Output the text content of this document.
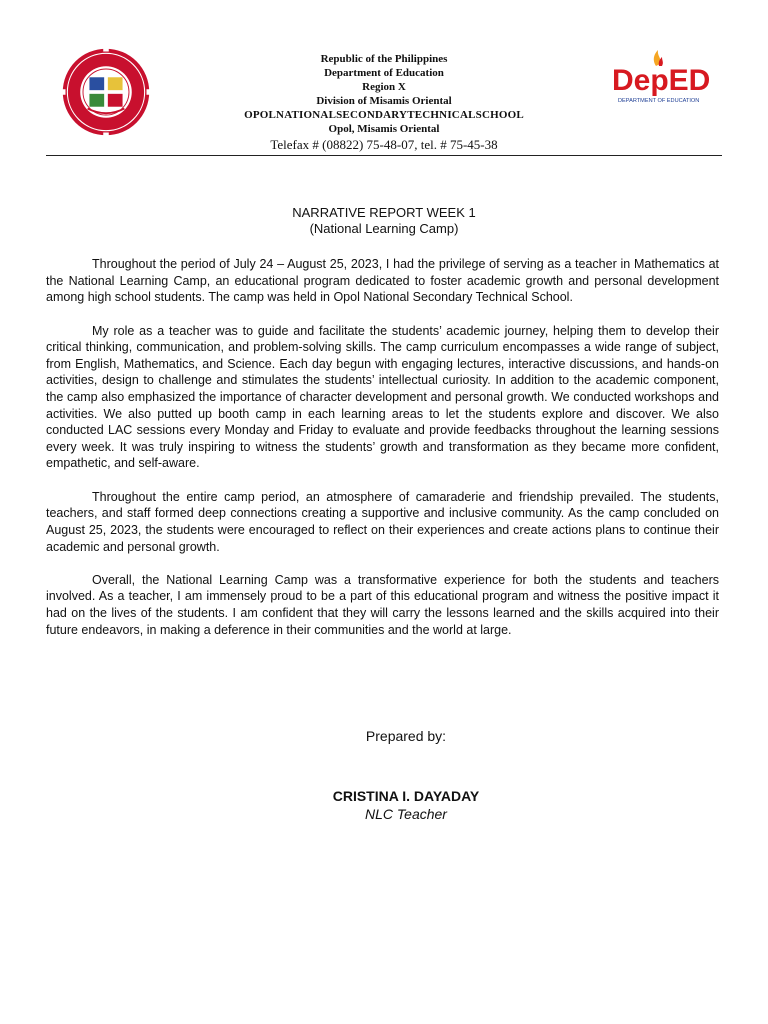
Republic of the Philippines
Department of Education
Region X
Division of Misamis Oriental
OPOLNATIONALSECONDARYTECHNICALSCHOOL
Opol, Misamis Oriental
Telefax # (08822) 75-48-07, tel. # 75-45-38
DepED
DEPARTMENT OF EDUCATION
NARRATIVE REPORT WEEK 1
(National Learning Camp)

Throughout the period of July 24 – August 25, 2023, I had the privilege of serving as a teacher in Mathematics at the National Learning Camp, an educational program dedicated to foster academic growth and personal development among high school students. The camp was held in Opol National Secondary Technical School.

My role as a teacher was to guide and facilitate the students’ academic journey, helping them to develop their critical thinking, communication, and problem-solving skills. The camp curriculum encompasses a wide range of subject, from English, Mathematics, and Science. Each day begun with engaging lectures, interactive discussions, and hands-on activities, design to challenge and stimulates the students’ intellectual curiosity. In addition to the academic component, the camp also emphasized the importance of character development and personal growth. We conducted workshops and activities. We also putted up booth camp in each learning areas to let the students explore and discover. We also conducted LAC sessions every Monday and Friday to evaluate and provide feedbacks throughout the learning sessions every week. It was truly inspiring to witness the students’ growth and transformation as they became more confident, empathetic, and self-aware.

Throughout the entire camp period, an atmosphere of camaraderie and friendship prevailed. The students, teachers, and staff formed deep connections creating a supportive and inclusive community. As the camp concluded on August 25, 2023, the students were encouraged to reflect on their experiences and create actions plans to continue their academic and personal growth.

Overall, the National Learning Camp was a transformative experience for both the students and teachers involved. As a teacher, I am immensely proud to be a part of this educational program and witness the positive impact it had on the lives of the students. I am confident that they will carry the lessons learned and the skills acquired into their future endeavors, in making a deference in their communities and the world at large.

Prepared by:
CRISTINA I. DAYADAY
NLC Teacher
